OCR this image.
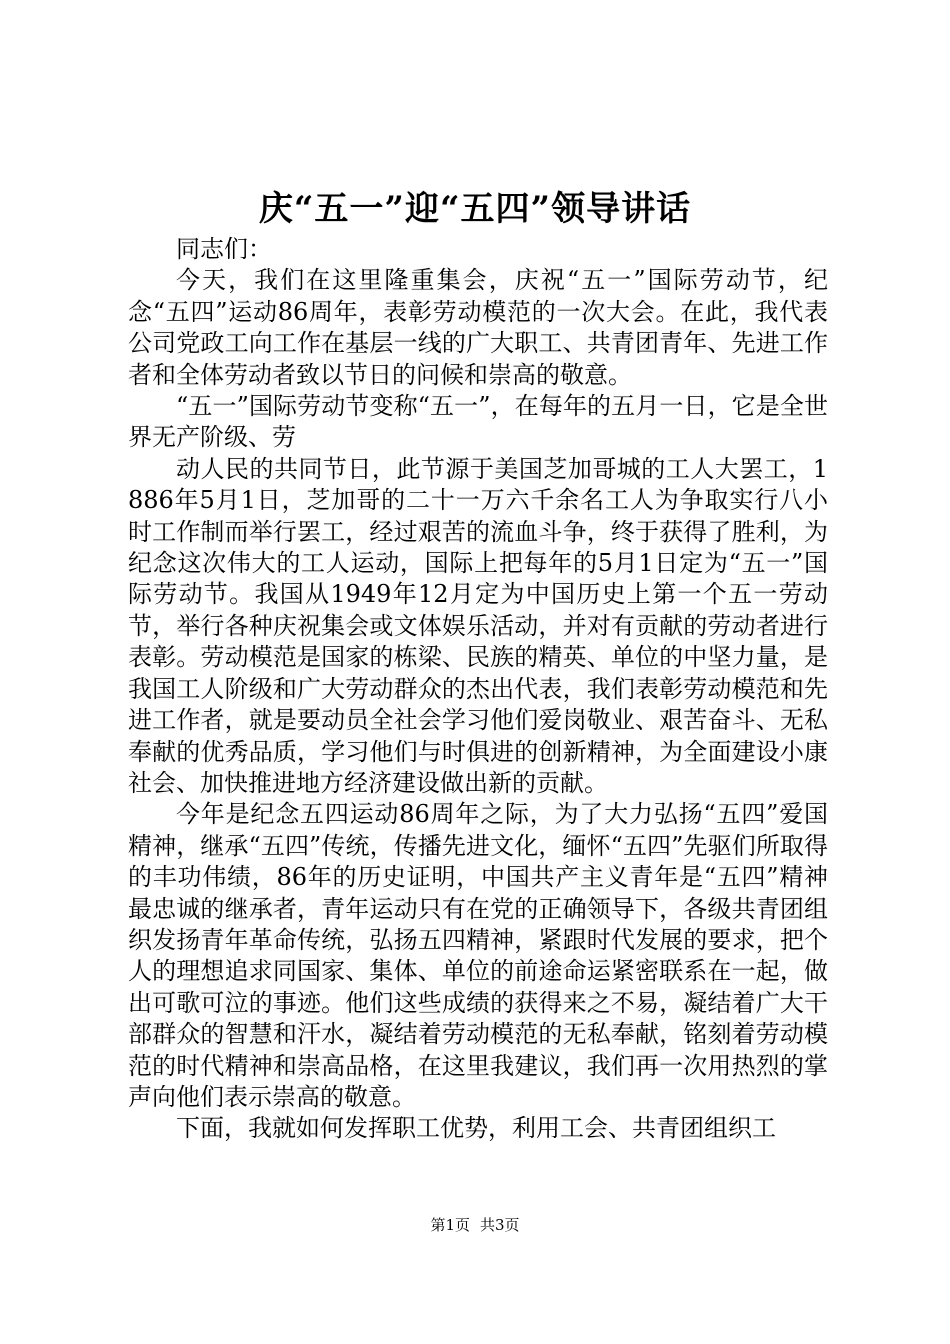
庆“五一”迎“五四”领导讲话

同志们：

今天，我们在这里隆重集会，庆祝“五一”国际劳动节，纪念“五四”运动86周年，表彰劳动模范的一次大会。在此，我代表公司党政工向工作在基层一线的广大职工、共青团青年、先进工作者和全体劳动者致以节日的问候和崇高的敬意。

“五一”国际劳动节变称“五一”，在每年的五月一日，它是全世界无产阶级、劳

动人民的共同节日，此节源于美国芝加哥城的工人大罢工，1886年5月1日，芝加哥的二十一万六千余名工人为争取实行八小时工作制而举行罢工，经过艰苦的流血斗争，终于获得了胜利，为纪念这次伟大的工人运动，国际上把每年的5月1日定为“五一”国际劳动节。我国从1949年12月定为中国历史上第一个五一劳动节，举行各种庆祝集会或文体娱乐活动，并对有贡献的劳动者进行表彰。劳动模范是国家的栋梁、民族的精英、单位的中坚力量，是我国工人阶级和广大劳动群众的杰出代表，我们表彰劳动模范和先进工作者，就是要动员全社会学习他们爱岗敬业、艰苦奋斗、无私奉献的优秀品质，学习他们与时俱进的创新精神，为全面建设小康社会、加快推进地方经济建设做出新的贡献。

今年是纪念五四运动86周年之际，为了大力弘扬“五四”爱国精神，继承“五四”传统，传播先进文化，缅怀“五四”先驱们所取得的丰功伟绩，86年的历史证明，中国共产主义青年是“五四”精神最忠诚的继承者，青年运动只有在党的正确领导下，各级共青团组织发扬青年革命传统，弘扬五四精神，紧跟时代发展的要求，把个人的理想追求同国家、集体、单位的前途命运紧密联系在一起，做出可歌可泣的事迹。他们这些成绩的获得来之不易，凝结着广大干部群众的智慧和汗水，凝结着劳动模范的无私奉献，铭刻着劳动模范的时代精神和崇高品格，在这里我建议，我们再一次用热烈的掌声向他们表示崇高的敬意。

下面，我就如何发挥职工优势，利用工会、共青团组织工

第1页 共3页
